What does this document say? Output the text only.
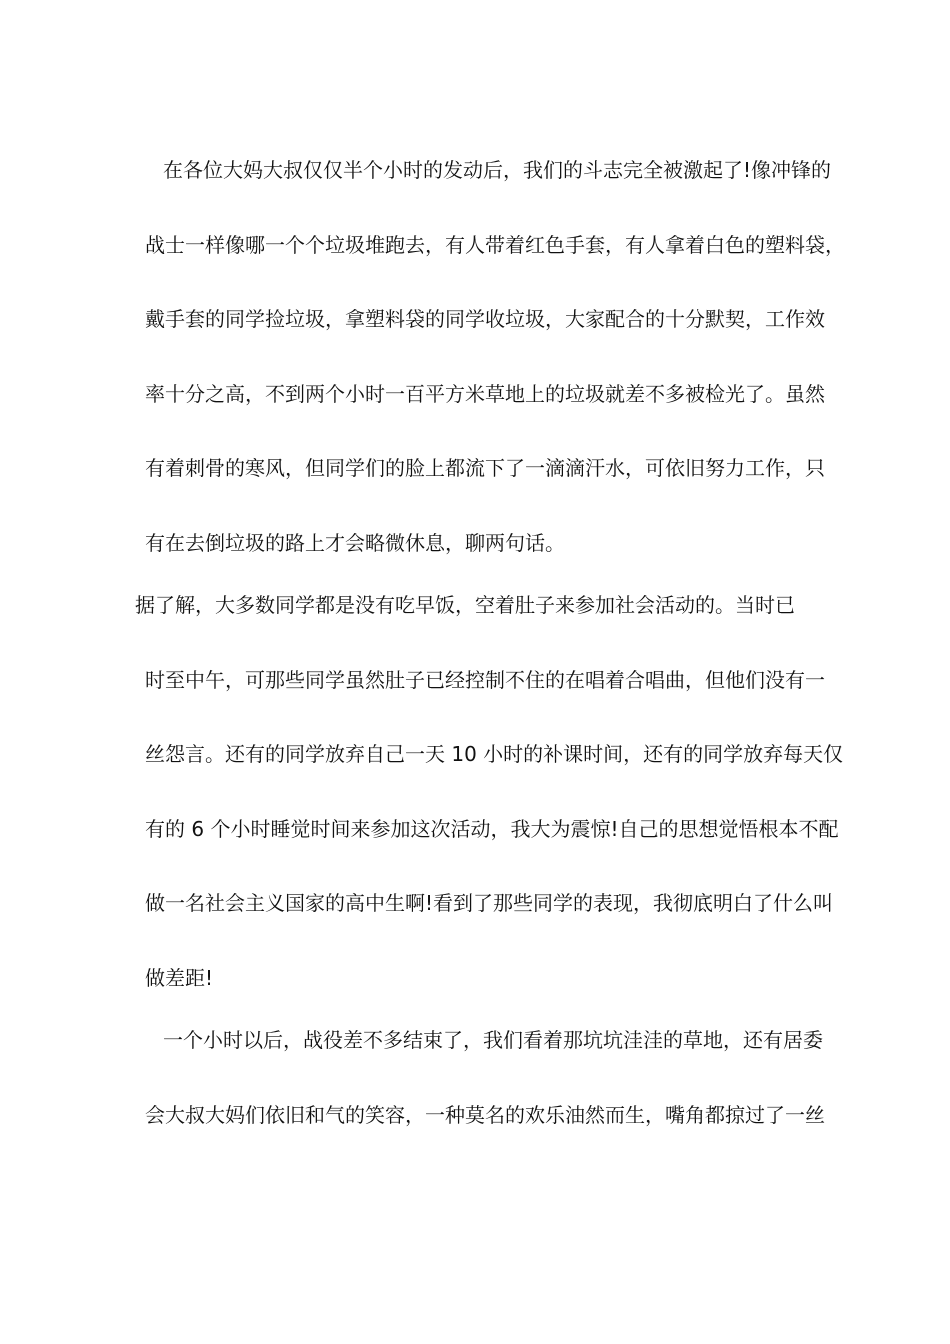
在各位大妈大叔仅仅半个小时的发动后，我们的斗志完全被激起了!像冲锋的
战士一样像哪一个个垃圾堆跑去，有人带着红色手套，有人拿着白色的塑料袋，
戴手套的同学捡垃圾，拿塑料袋的同学收垃圾，大家配合的十分默契，工作效
率十分之高，不到两个小时一百平方米草地上的垃圾就差不多被检光了。虽然
有着刺骨的寒风，但同学们的脸上都流下了一滴滴汗水，可依旧努力工作，只
有在去倒垃圾的路上才会略微休息，聊两句话。
据了解，大多数同学都是没有吃早饭，空着肚子来参加社会活动的。当时已
时至中午，可那些同学虽然肚子已经控制不住的在唱着合唱曲，但他们没有一
丝怨言。还有的同学放弃自己一天 10 小时的补课时间，还有的同学放弃每天仅
有的 6 个小时睡觉时间来参加这次活动，我大为震惊!自己的思想觉悟根本不配
做一名社会主义国家的高中生啊!看到了那些同学的表现，我彻底明白了什么叫
做差距!
一个小时以后，战役差不多结束了，我们看着那坑坑洼洼的草地，还有居委
会大叔大妈们依旧和气的笑容，一种莫名的欢乐油然而生，嘴角都掠过了一丝
